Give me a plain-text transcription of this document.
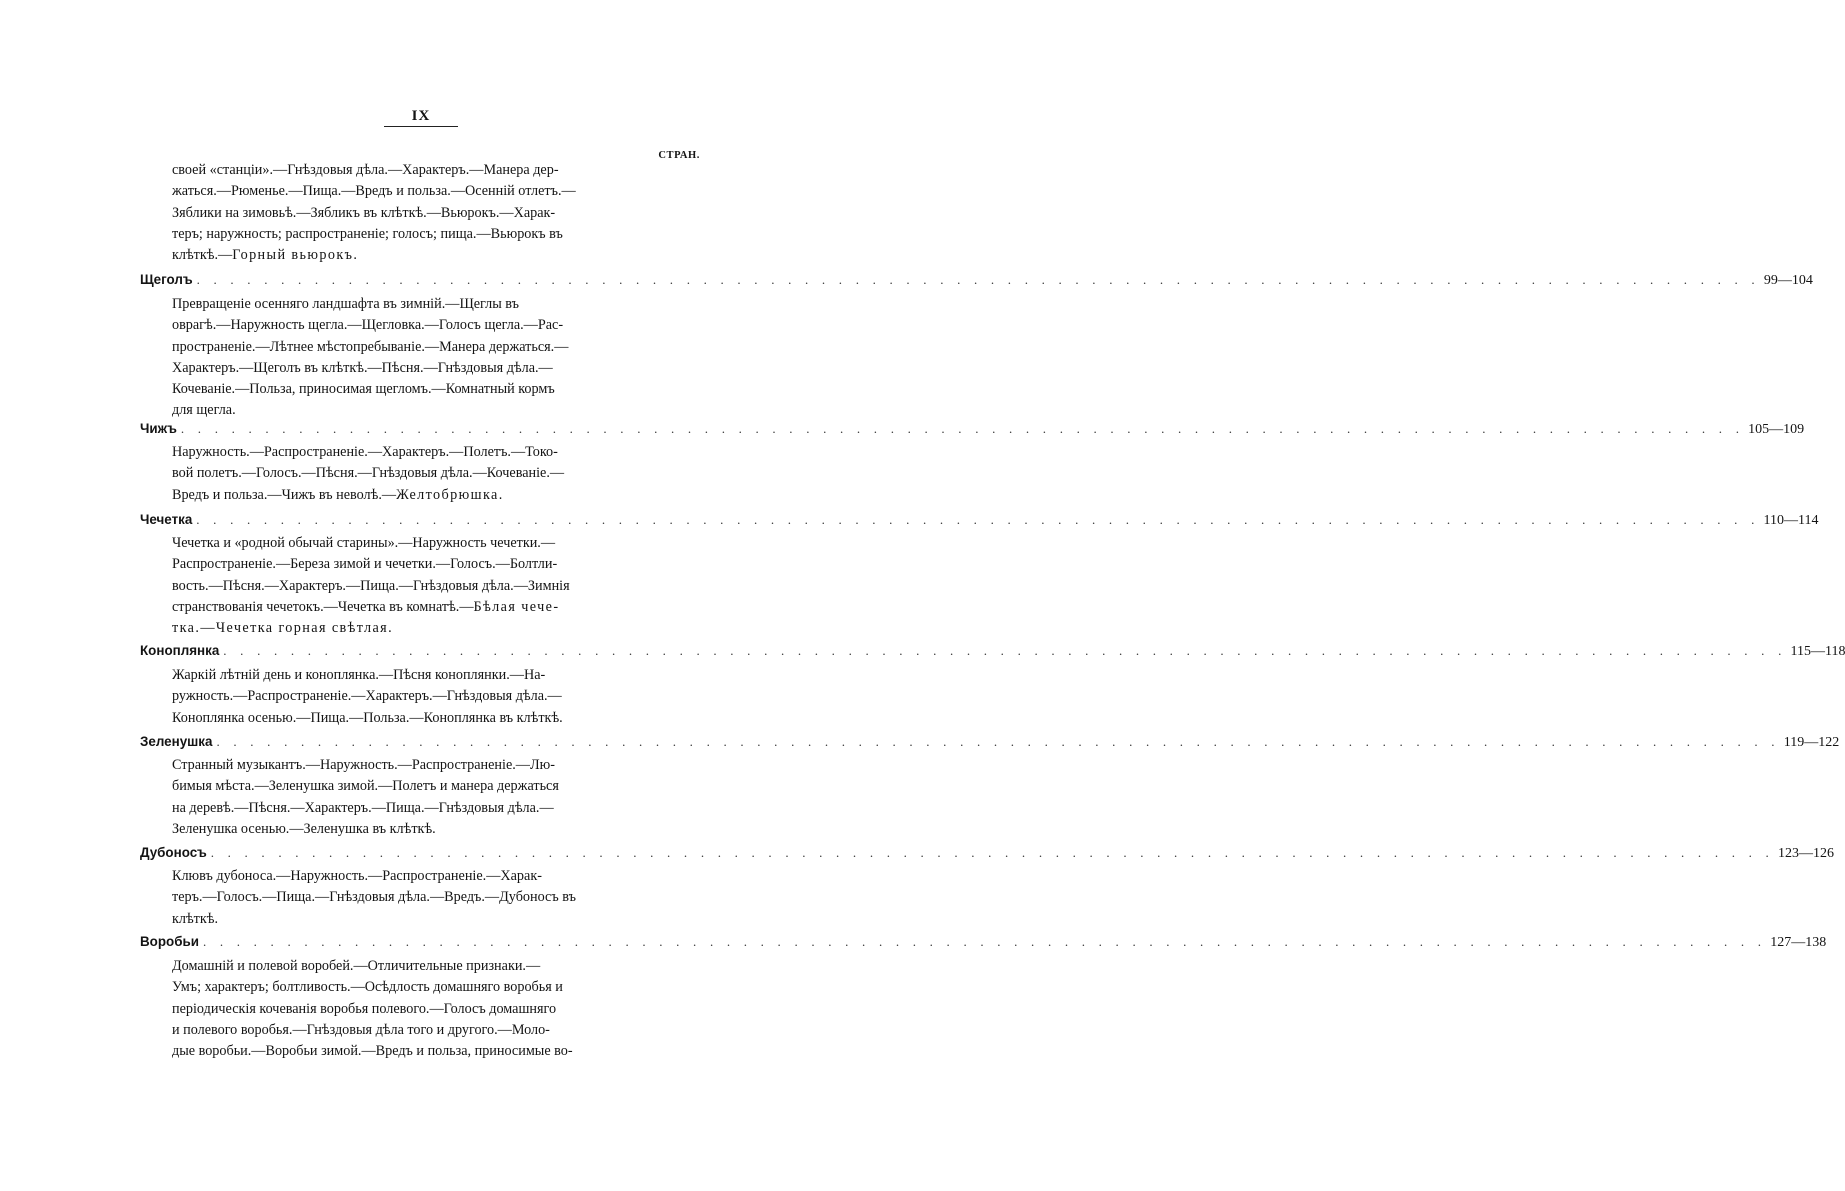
IX
СТРАН.

своей «станціи».—Гнѣздовыя дѣла.—Характеръ.—Манера дер-
жаться.—Рюменье.—Пища.—Вредъ и польза.—Осенній отлетъ.—
Зяблики на зимовьѣ.—Зябликъ въ клѣткѣ.—Вьюрокъ.—Харак-
теръ; наружность; распространеніе; голосъ; пища.—Вьюрокъ въ
клѣткѣ.—Горный вьюрокъ.

Щеголъ . . . . . . . . . . . . . . . . . . . . . . . . . . . . . . . . . . . . . . . . . . . . . . . . . . . . . . . . . . . . . . . . . . . . . . . . . . . . . . . . . . . . . . . . . . . . . 99—104

Превращеніе осенняго ландшафта въ зимній.—Щеглы въ
оврагѣ.—Наружность щегла.—Щегловка.—Голосъ щегла.—Рас-
пространеніе.—Лѣтнее мѣстопребываніе.—Манера держаться.—
Характеръ.—Щеголъ въ клѣткѣ.—Пѣсня.—Гнѣздовыя дѣла.—
Кочеваніе.—Польза, приносимая щегломъ.—Комнатный кормъ
для щегла.

Чижъ . . . . . . . . . . . . . . . . . . . . . . . . . . . . . . . . . . . . . . . . . . . . . . . . . . . . . . . . . . . . . . . . . . . . . . . . . . . . . . . . . . . . . . . . . . . . . 105—109

Наружность.—Распространеніе.—Характеръ.—Полетъ.—Токо-
вой полетъ.—Голосъ.—Пѣсня.—Гнѣздовыя дѣла.—Кочеваніе.—
Вредъ и польза.—Чижъ въ неволѣ.—Желтобрюшка.

Чечетка . . . . . . . . . . . . . . . . . . . . . . . . . . . . . . . . . . . . . . . . . . . . . . . . . . . . . . . . . . . . . . . . . . . . . . . . . . . . . . . . . . . . . . . . . . . . . 110—114

Чечетка и «родной обычай старины».—Наружность чечетки.—
Распространеніе.—Береза зимой и чечетки.—Голосъ.—Болтли-
вость.—Пѣсня.—Характеръ.—Пища.—Гнѣздовыя дѣла.—Зимнія
странствованія чечетокъ.—Чечетка въ комнатѣ.—Бѣлая чече-
тка.—Чечетка горная свѣтлая.

Коноплянка . . . . . . . . . . . . . . . . . . . . . . . . . . . . . . . . . . . . . . . . . . . . . . . . . . . . . . . . . . . . . . . . . . . . . . . . . . . . . . . . . . . . . . . . . . . . . 115—118

Жаркій лѣтній день и коноплянка.—Пѣсня коноплянки.—На-
ружность.—Распространеніе.—Характеръ.—Гнѣздовыя дѣла.—
Коноплянка осенью.—Пища.—Польза.—Коноплянка въ клѣткѣ.

Зеленушка . . . . . . . . . . . . . . . . . . . . . . . . . . . . . . . . . . . . . . . . . . . . . . . . . . . . . . . . . . . . . . . . . . . . . . . . . . . . . . . . . . . . . . . . . . . . . 119—122

Странный музыкантъ.—Наружность.—Распространеніе.—Лю-
бимыя мѣста.—Зеленушка зимой.—Полетъ и манера держаться
на деревѣ.—Пѣсня.—Характеръ.—Пища.—Гнѣздовыя дѣла.—
Зеленушка осенью.—Зеленушка въ клѣткѣ.

Дубоносъ . . . . . . . . . . . . . . . . . . . . . . . . . . . . . . . . . . . . . . . . . . . . . . . . . . . . . . . . . . . . . . . . . . . . . . . . . . . . . . . . . . . . . . . . . . . . . 123—126

Клювъ дубоноса.—Наружность.—Распространеніе.—Харак-
теръ.—Голосъ.—Пища.—Гнѣздовыя дѣла.—Вредъ.—Дубоносъ въ
клѣткѣ.

Воробьи . . . . . . . . . . . . . . . . . . . . . . . . . . . . . . . . . . . . . . . . . . . . . . . . . . . . . . . . . . . . . . . . . . . . . . . . . . . . . . . . . . . . . . . . . . . . . 127—138

Домашній и полевой воробей.—Отличительные признаки.—
Умъ; характеръ; болтливость.—Осѣдлость домашняго воробья и
періодическія кочеванія воробья полевого.—Голосъ домашняго
и полевого воробья.—Гнѣздовыя дѣла того и другого.—Моло-
дые воробьи.—Воробьи зимой.—Вредъ и польза, приносимые во-
